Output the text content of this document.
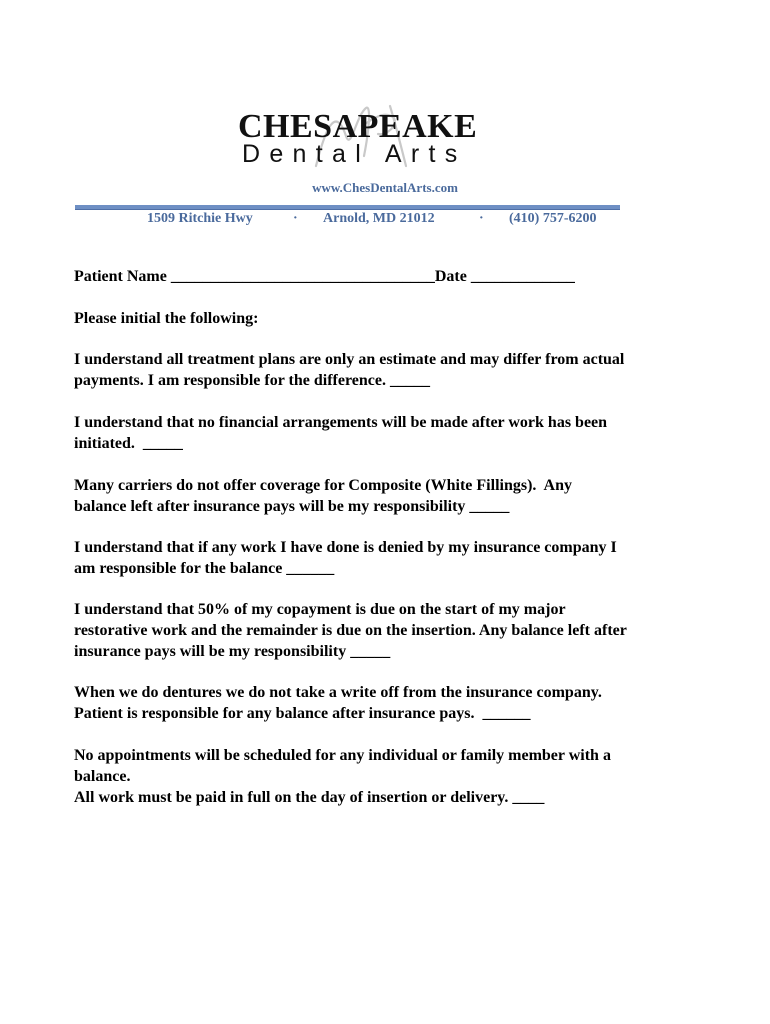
CHESAPEAKE
Dental Arts
www.ChesDentalArts.com
1509 Ritchie Hwy	· Arnold, MD 21012	· (410) 757-6200
Patient Name _________________________________Date _____________
Please initial the following:
I understand all treatment plans are only an estimate and may differ from actual
payments. I am responsible for the difference. _____
I understand that no financial arrangements will be made after work has been
initiated.  _____
Many carriers do not offer coverage for Composite (White Fillings).  Any
balance left after insurance pays will be my responsibility _____
I understand that if any work I have done is denied by my insurance company I
am responsible for the balance ______
I understand that 50% of my copayment is due on the start of my major
restorative work and the remainder is due on the insertion. Any balance left after
insurance pays will be my responsibility _____
When we do dentures we do not take a write off from the insurance company.
Patient is responsible for any balance after insurance pays.  ______
No appointments will be scheduled for any individual or family member with a
balance.
All work must be paid in full on the day of insertion or delivery. ____
